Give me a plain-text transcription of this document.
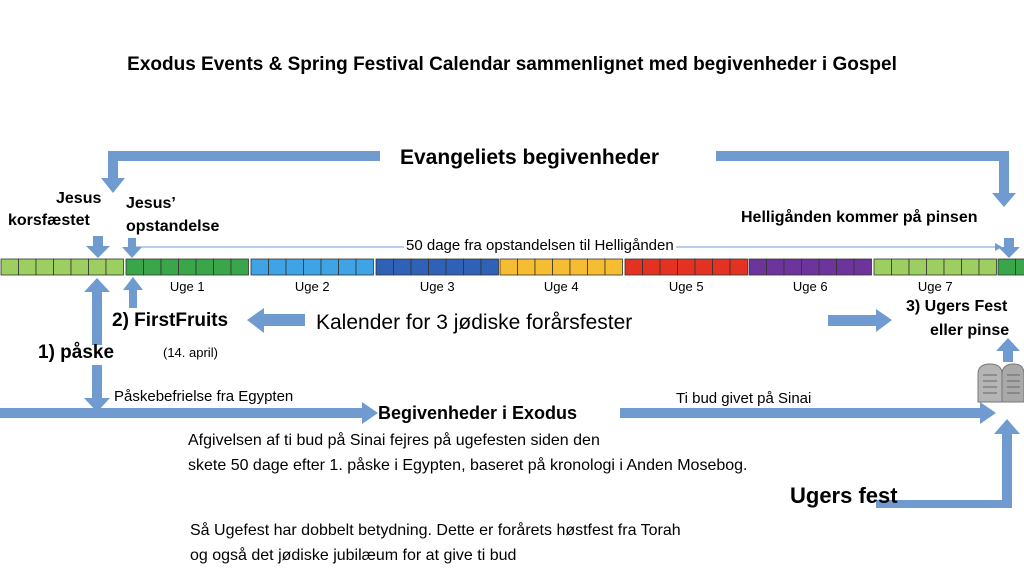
Exodus Events & Spring Festival Calendar sammenlignet med begivenheder i Gospel
Evangeliets begivenheder
Jesus
korsfæstet
Jesus’
opstandelse
Helligånden kommer på pinsen
50 dage fra opstandelsen til Helligånden
Uge 1	Uge 2	Uge 3	Uge 4	Uge 5	Uge 6	Uge 7
2) FirstFruits
(14. april)
Kalender for 3 jødiske forårsfester
1) påske
3) Ugers Fest
eller pinse
Påskebefrielse fra Egypten
Begivenheder i Exodus
Ti bud givet på Sinai
Afgivelsen af ti bud på Sinai fejres på ugefesten siden den
skete 50 dage efter 1. påske i Egypten, baseret på kronologi i Anden Mosebog.
Ugers fest
Så Ugefest har dobbelt betydning. Dette er forårets høstfest fra Torah
og også det jødiske jubilæum for at give ti bud
